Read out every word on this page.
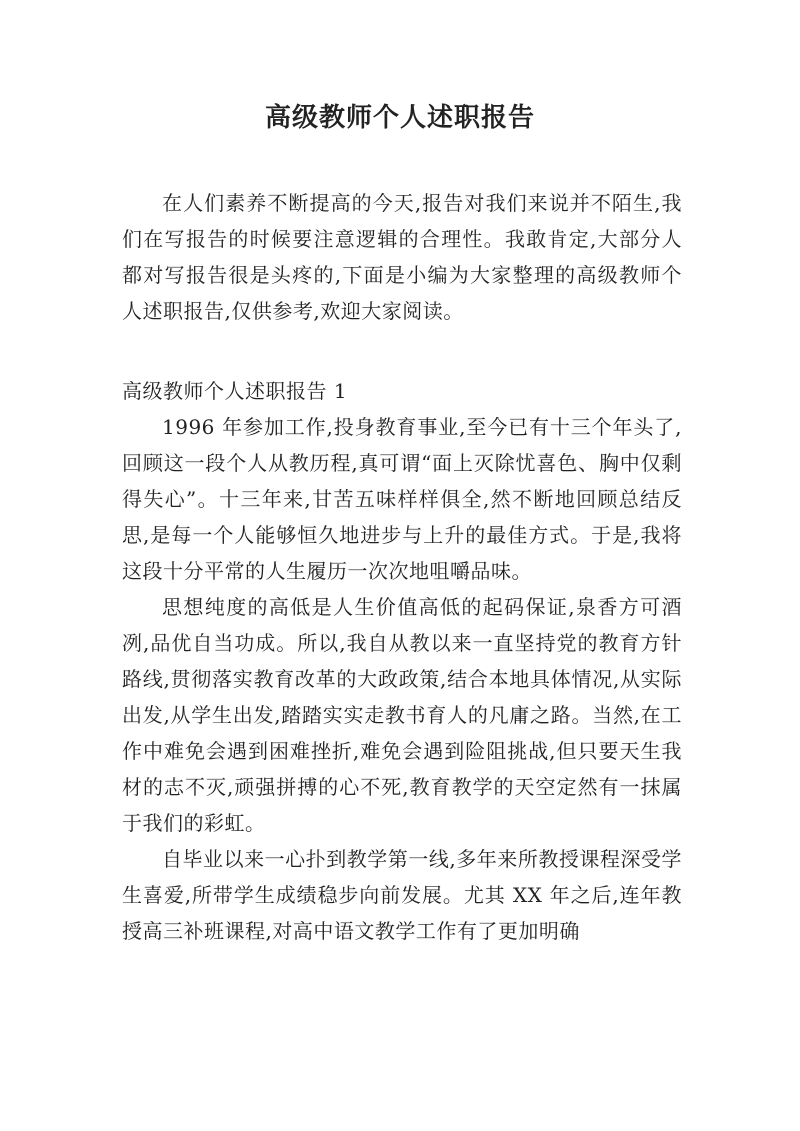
高级教师个人述职报告

在人们素养不断提高的今天,报告对我们来说并不陌生,我们在写报告的时候要注意逻辑的合理性。我敢肯定,大部分人都对写报告很是头疼的,下面是小编为大家整理的高级教师个人述职报告,仅供参考,欢迎大家阅读。

高级教师个人述职报告 1

1996 年参加工作,投身教育事业,至今已有十三个年头了,回顾这一段个人从教历程,真可谓“面上灭除忧喜色、胸中仅剩得失心”。十三年来,甘苦五味样样俱全,然不断地回顾总结反思,是每一个人能够恒久地进步与上升的最佳方式。于是,我将这段十分平常的人生履历一次次地咀嚼品味。

思想纯度的高低是人生价值高低的起码保证,泉香方可酒冽,品优自当功成。所以,我自从教以来一直坚持党的教育方针路线,贯彻落实教育改革的大政政策,结合本地具体情况,从实际出发,从学生出发,踏踏实实走教书育人的凡庸之路。当然,在工作中难免会遇到困难挫折,难免会遇到险阻挑战,但只要天生我材的志不灭,顽强拼搏的心不死,教育教学的天空定然有一抹属于我们的彩虹。

自毕业以来一心扑到教学第一线,多年来所教授课程深受学生喜爱,所带学生成绩稳步向前发展。尤其 XX 年之后,连年教授高三补班课程,对高中语文教学工作有了更加明确
